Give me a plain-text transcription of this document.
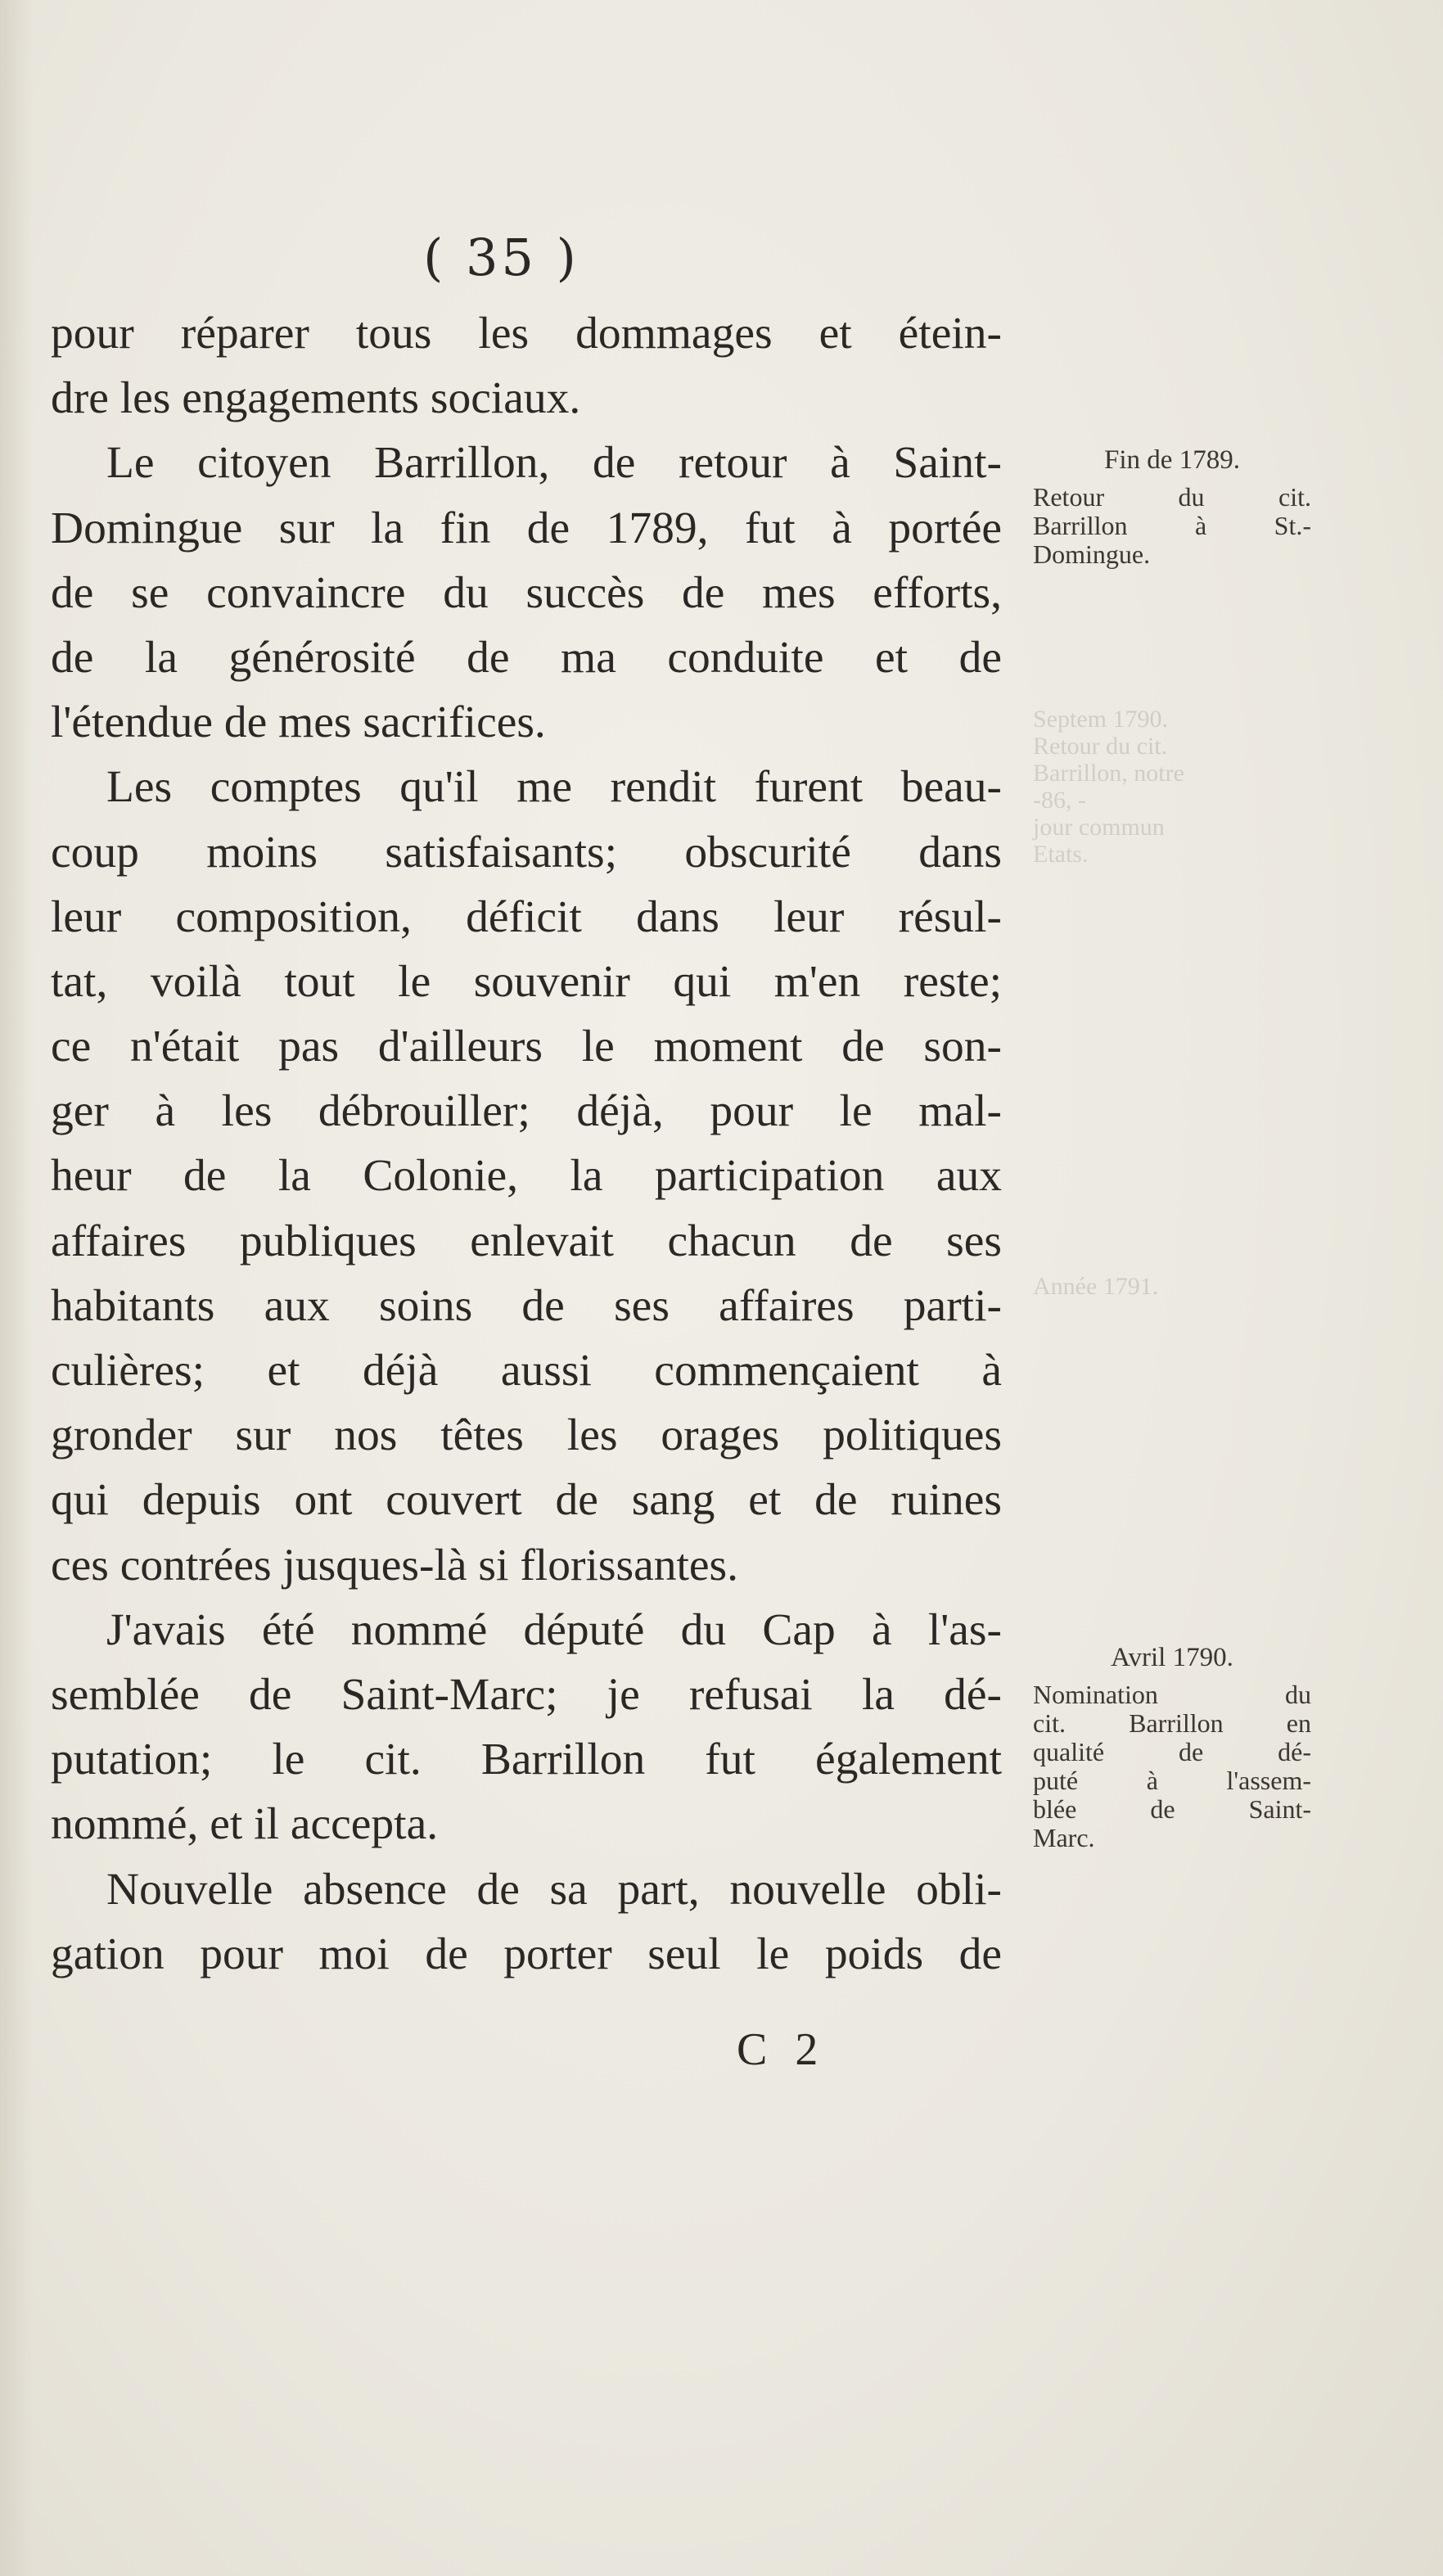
Septem 1790.
Retour du cit.
Barrillon, notre
-86, -
jour commun
Etats.
Année 1791.
( 35 )
pour réparer tous les dommages et étein-
dre les engagements sociaux.
Le citoyen Barrillon, de retour à Saint-
Domingue sur la fin de 1789, fut à portée
de se convaincre du succès de mes efforts,
de la générosité de ma conduite et de
l'étendue de mes sacrifices.
Les comptes qu'il me rendit furent beau-
coup moins satisfaisants; obscurité dans
leur composition, déficit dans leur résul-
tat, voilà tout le souvenir qui m'en reste;
ce n'était pas d'ailleurs le moment de son-
ger à les débrouiller; déjà, pour le mal-
heur de la Colonie, la participation aux
affaires publiques enlevait chacun de ses
habitants aux soins de ses affaires parti-
culières; et déjà aussi commençaient à
gronder sur nos têtes les orages politiques
qui depuis ont couvert de sang et de ruines
ces contrées jusques-là si florissantes.
J'avais été nommé député du Cap à l'as-
semblée de Saint-Marc; je refusai la dé-
putation; le cit. Barrillon fut également
nommé, et il accepta.
Nouvelle absence de sa part, nouvelle obli-
gation pour moi de porter seul le poids de
Fin de 1789.
Retour du cit.
Barrillon à St.-
Domingue.
Avril 1790.
Nomination du
cit. Barrillon en
qualité de dé-
puté à l'assem-
blée de Saint-
Marc.
C 2
